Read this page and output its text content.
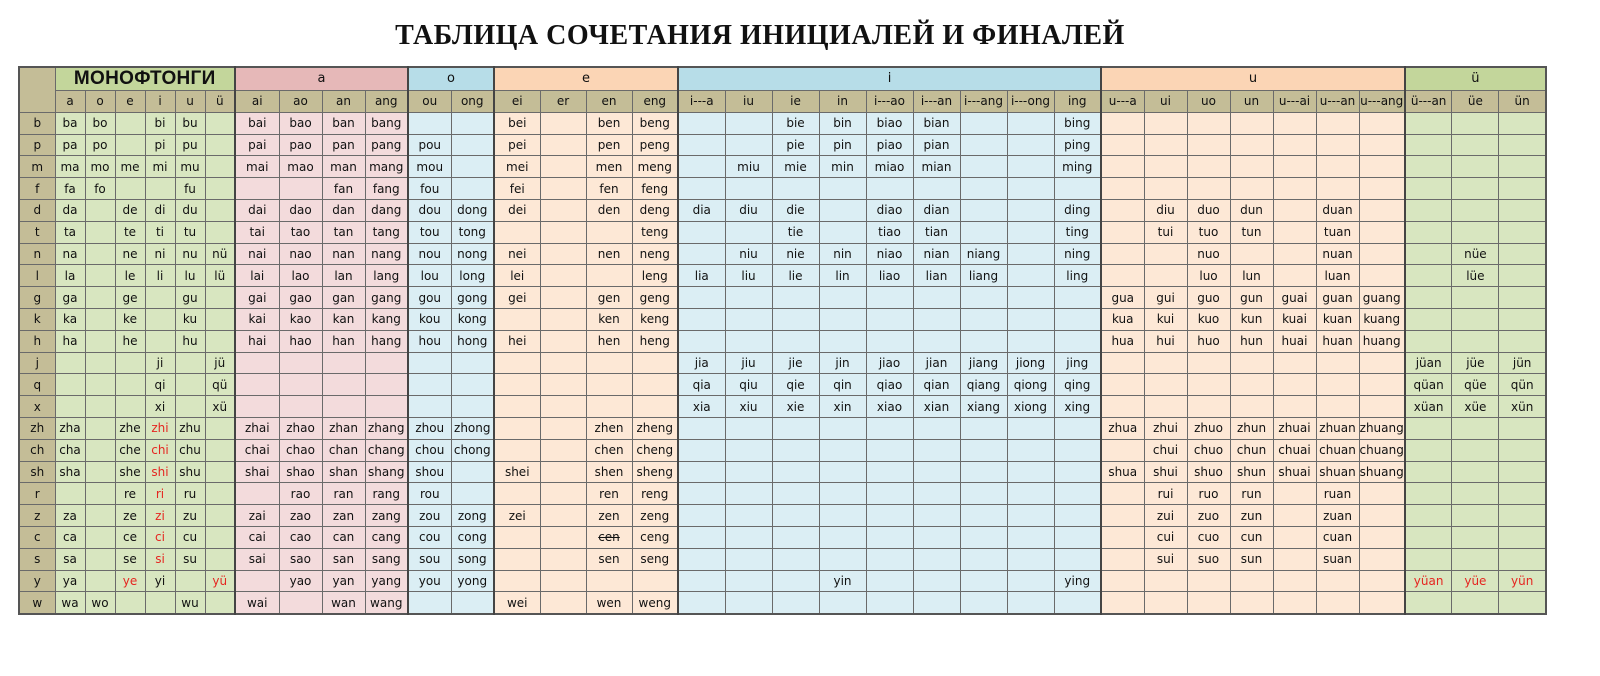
ТАБЛИЦА СОЧЕТАНИЯ ИНИЦИАЛЕЙ И ФИНАЛЕЙ
	МОНОФТОНГИ						a				o		e				i									u							ü		
	a	o	e	i	u	ü	ai	ao	an	ang	ou	ong	ei	er	en	eng	i---a	iu	ie	in	i---ao	i---an	i---ang	i---ong	ing	u---a	ui	uo	un	u---ai	u---an	u---ang	ü---an	üe	ün
b	ba	bo		bi	bu		bai	bao	ban	bang			bei		ben	beng			bie	bin	biao	bian			bing										
p	pa	po		pi	pu		pai	pao	pan	pang	pou		pei		pen	peng			pie	pin	piao	pian			ping										
m	ma	mo	me	mi	mu		mai	mao	man	mang	mou		mei		men	meng		miu	mie	min	miao	mian			ming										
f	fa	fo			fu				fan	fang	fou		fei		fen	feng																			
d	da		de	di	du		dai	dao	dan	dang	dou	dong	dei		den	deng	dia	diu	die		diao	dian			ding		diu	duo	dun		duan				
t	ta		te	ti	tu		tai	tao	tan	tang	tou	tong				teng			tie		tiao	tian			ting		tui	tuo	tun		tuan				
n	na		ne	ni	nu	nü	nai	nao	nan	nang	nou	nong	nei		nen	neng		niu	nie	nin	niao	nian	niang		ning			nuo			nuan			nüe	
l	la		le	li	lu	lü	lai	lao	lan	lang	lou	long	lei			leng	lia	liu	lie	lin	liao	lian	liang		ling			luo	lun		luan			lüe	
g	ga		ge		gu		gai	gao	gan	gang	gou	gong	gei		gen	geng										gua	gui	guo	gun	guai	guan	guang			
k	ka		ke		ku		kai	kao	kan	kang	kou	kong			ken	keng										kua	kui	kuo	kun	kuai	kuan	kuang			
h	ha		he		hu		hai	hao	han	hang	hou	hong	hei		hen	heng										hua	hui	huo	hun	huai	huan	huang			
j				ji		jü											jia	jiu	jie	jin	jiao	jian	jiang	jiong	jing								jüan	jüe	jün
q				qi		qü											qia	qiu	qie	qin	qiao	qian	qiang	qiong	qing								qüan	qüe	qün
x				xi		xü											xia	xiu	xie	xin	xiao	xian	xiang	xiong	xing								xüan	xüe	xün
zh	zha		zhe	zhi	zhu		zhai	zhao	zhan	zhang	zhou	zhong			zhen	zheng										zhua	zhui	zhuo	zhun	zhuai	zhuan	zhuang			
ch	cha		che	chi	chu		chai	chao	chan	chang	chou	chong			chen	cheng											chui	chuo	chun	chuai	chuan	chuang			
sh	sha		she	shi	shu		shai	shao	shan	shang	shou		shei		shen	sheng										shua	shui	shuo	shun	shuai	shuan	shuang			
r			re	ri	ru			rao	ran	rang	rou				ren	reng											rui	ruo	run		ruan				
z	za		ze	zi	zu		zai	zao	zan	zang	zou	zong	zei		zen	zeng											zui	zuo	zun		zuan				
c	ca		ce	ci	cu		cai	cao	can	cang	cou	cong			cen	ceng											cui	cuo	cun		cuan				
s	sa		se	si	su		sai	sao	san	sang	sou	song			sen	seng											sui	suo	sun		suan				
y	ya		ye	yi		yü		yao	yan	yang	you	yong								yin					ying								yüan	yüe	yün
w	wa	wo			wu		wai		wan	wang			wei		wen	weng																			
